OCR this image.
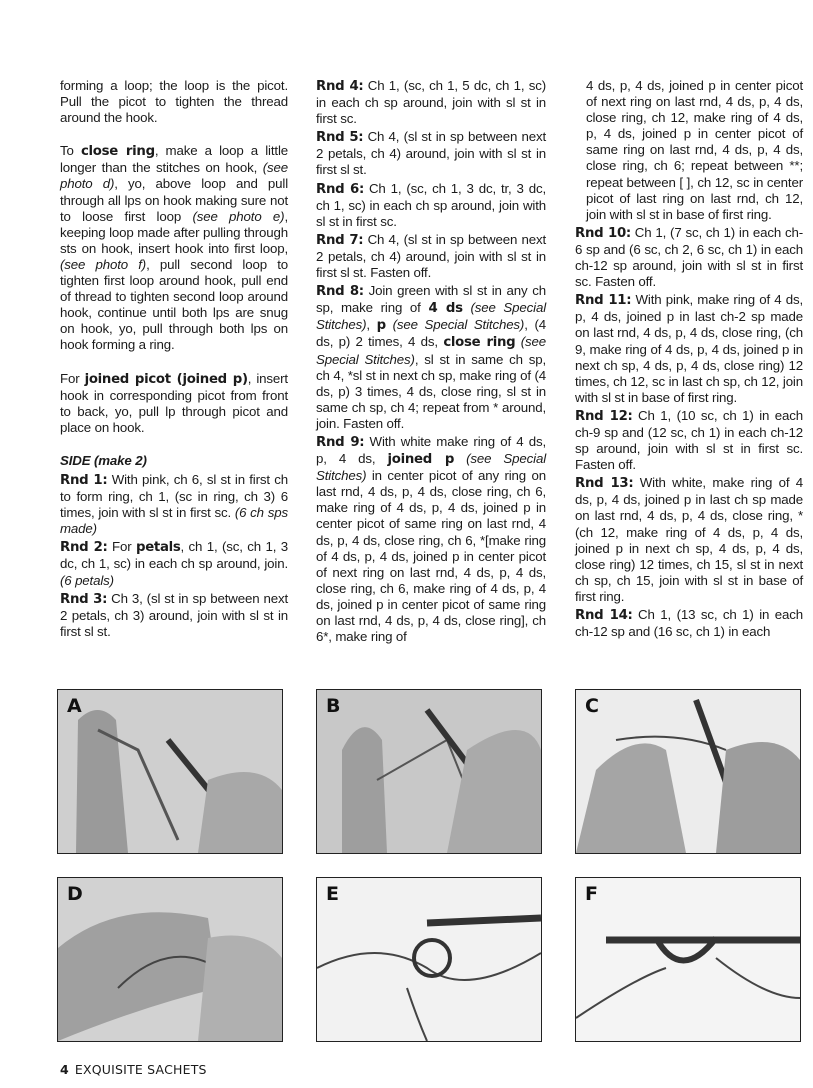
forming a loop; the loop is the picot. Pull the picot to tighten the thread around the hook.

To close ring, make a loop a little longer than the stitches on hook, (see photo d), yo, above loop and pull through all lps on hook making sure not to loose first loop (see photo e), keeping loop made after pulling through sts on hook, insert hook into first loop, (see photo f), pull second loop to tighten first loop around hook, pull end of thread to tighten second loop around hook, continue until both lps are snug on hook, yo, pull through both lps on hook forming a ring.

For joined picot (joined p), insert hook in corresponding picot from front to back, yo, pull lp through picot and place on hook.

SIDE (make 2)
Rnd 1: With pink, ch 6, sl st in first ch to form ring, ch 1, (sc in ring, ch 3) 6 times, join with sl st in first sc. (6 ch sps made)
Rnd 2: For petals, ch 1, (sc, ch 1, 3 dc, ch 1, sc) in each ch sp around, join. (6 petals)
Rnd 3: Ch 3, (sl st in sp between next 2 petals, ch 3) around, join with sl st in first sl st.
Rnd 4: Ch 1, (sc, ch 1, 5 dc, ch 1, sc) in each ch sp around, join with sl st in first sc.
Rnd 5: Ch 4, (sl st in sp between next 2 petals, ch 4) around, join with sl st in first sl st.
Rnd 6: Ch 1, (sc, ch 1, 3 dc, tr, 3 dc, ch 1, sc) in each ch sp around, join with sl st in first sc.
Rnd 7: Ch 4, (sl st in sp between next 2 petals, ch 4) around, join with sl st in first sl st. Fasten off.
Rnd 8: Join green with sl st in any ch sp, make ring of 4 ds (see Special Stitches), p (see Special Stitches), (4 ds, p) 2 times, 4 ds, close ring (see Special Stitches), sl st in same ch sp, ch 4, *sl st in next ch sp, make ring of (4 ds, p) 3 times, 4 ds, close ring, sl st in same ch sp, ch 4; repeat from * around, join. Fasten off.
Rnd 9: With white make ring of 4 ds, p, 4 ds, joined p (see Special Stitches) in center picot of any ring on last rnd, 4 ds, p, 4 ds, close ring, ch 6, make ring of 4 ds, p, 4 ds, joined p in center picot of same ring on last rnd, 4 ds, p, 4 ds, close ring, ch 6, *[make ring of 4 ds, p, 4 ds, joined p in center picot of next ring on last rnd, 4 ds, p, 4 ds, close ring, ch 6, make ring of 4 ds, p, 4 ds, joined p in center picot of same ring on last rnd, 4 ds, p, 4 ds, close ring], ch 6*, make ring of
4 ds, p, 4 ds, joined p in center picot of next ring on last rnd, 4 ds, p, 4 ds, close ring, ch 12, make ring of 4 ds, p, 4 ds, joined p in center picot of same ring on last rnd, 4 ds, p, 4 ds, close ring, ch 6; repeat between **; repeat between [ ], ch 12, sc in center picot of last ring on last rnd, ch 12, join with sl st in base of first ring.
Rnd 10: Ch 1, (7 sc, ch 1) in each ch-6 sp and (6 sc, ch 2, 6 sc, ch 1) in each ch-12 sp around, join with sl st in first sc. Fasten off.
Rnd 11: With pink, make ring of 4 ds, p, 4 ds, joined p in last ch-2 sp made on last rnd, 4 ds, p, 4 ds, close ring, (ch 9, make ring of 4 ds, p, 4 ds, joined p in next ch sp, 4 ds, p, 4 ds, close ring) 12 times, ch 12, sc in last ch sp, ch 12, join with sl st in base of first ring.
Rnd 12: Ch 1, (10 sc, ch 1) in each ch-9 sp and (12 sc, ch 1) in each ch-12 sp around, join with sl st in first sc. Fasten off.
Rnd 13: With white, make ring of 4 ds, p, 4 ds, joined p in last ch sp made on last rnd, 4 ds, p, 4 ds, close ring, *(ch 12, make ring of 4 ds, p, 4 ds, joined p in next ch sp, 4 ds, p, 4 ds, close ring) 12 times, ch 15, sl st in next ch sp, ch 15, join with sl st in base of first ring.
Rnd 14: Ch 1, (13 sc, ch 1) in each ch-12 sp and (16 sc, ch 1) in each
A	B	C
D	E	F
4 EXQUISITE SACHETS
